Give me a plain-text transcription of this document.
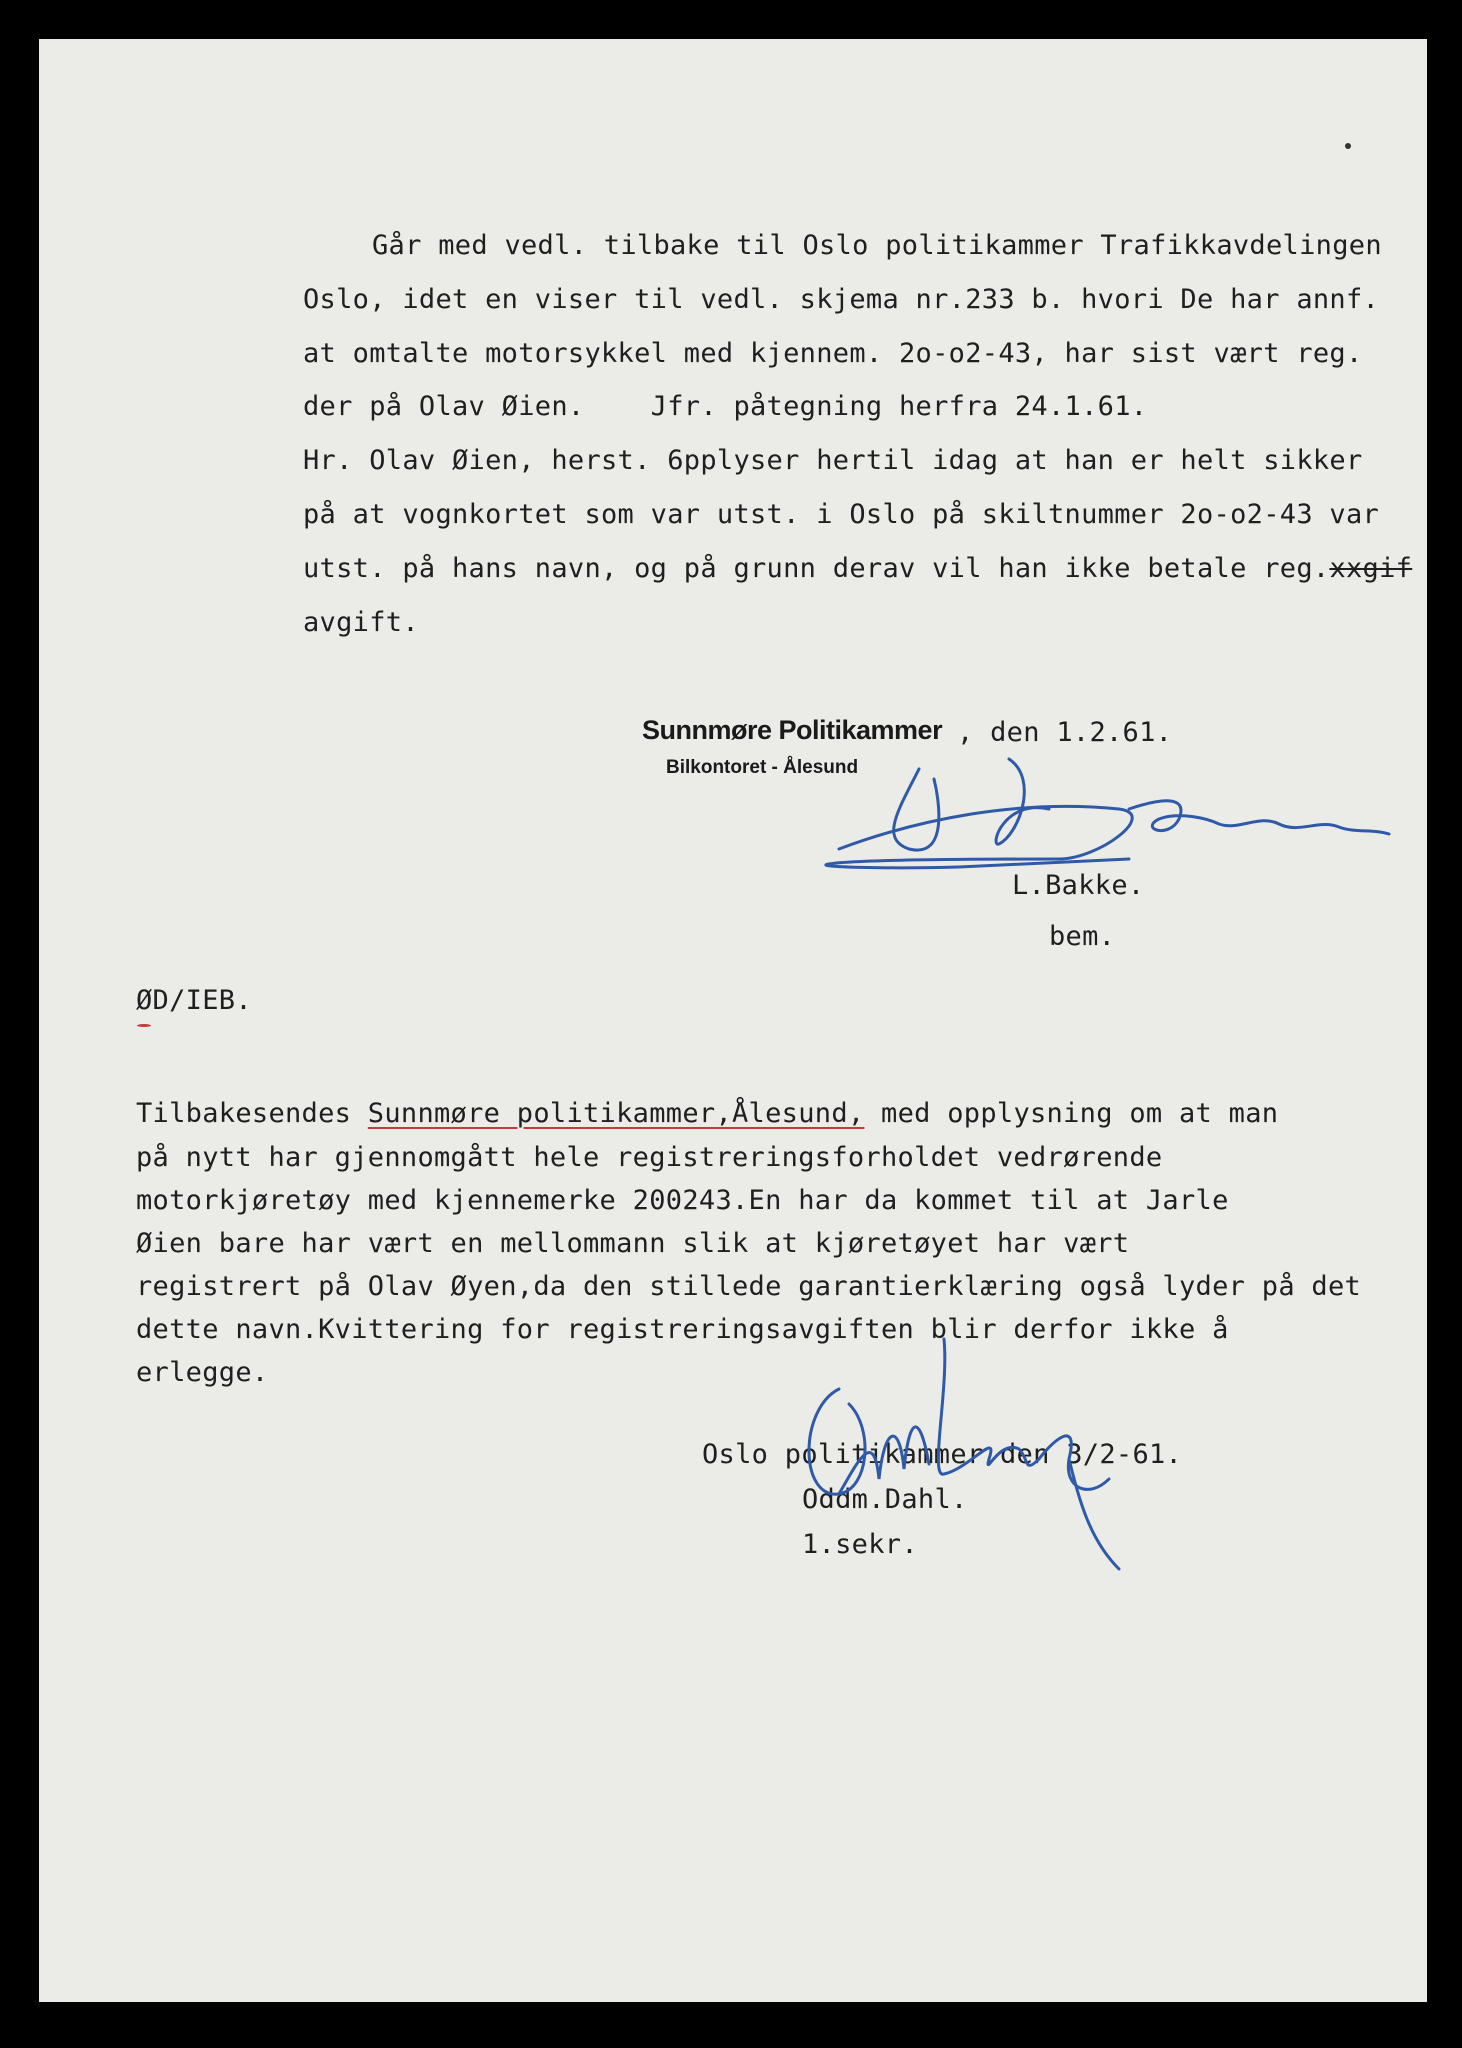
Går med vedl. tilbake til Oslo politikammer Trafikkavdelingen
Oslo, idet en viser til vedl. skjema nr.233 b. hvori De har annf.
at omtalte motorsykkel med kjennem. 2o-o2-43, har sist vært reg.
der på Olav Øien.    Jfr. påtegning herfra 24.1.61.
Hr. Olav Øien, herst. 6pplyser hertil idag at han er helt sikker
på at vognkortet som var utst. i Oslo på skiltnummer 2o-o2-43 var
utst. på hans navn, og på grunn derav vil han ikke betale reg.xxgif
avgift.
Sunnmøre Politikammer
Bilkontoret - Ålesund
, den 1.2.61.
L.Bakke.
bem.
ØD/IEB.
Tilbakesendes Sunnmøre politikammer,Ålesund, med opplysning om at man
på nytt har gjennomgått hele registreringsforholdet vedrørende
motorkjøretøy med kjennemerke 200243.En har da kommet til at Jarle
Øien bare har vært en mellommann slik at kjøretøyet har vært
registrert på Olav Øyen,da den stillede garantierklæring også lyder på det
dette navn.Kvittering for registreringsavgiften blir derfor ikke å
erlegge.
Oslo politikammer den 3/2-61.
Oddm.Dahl.
1.sekr.
